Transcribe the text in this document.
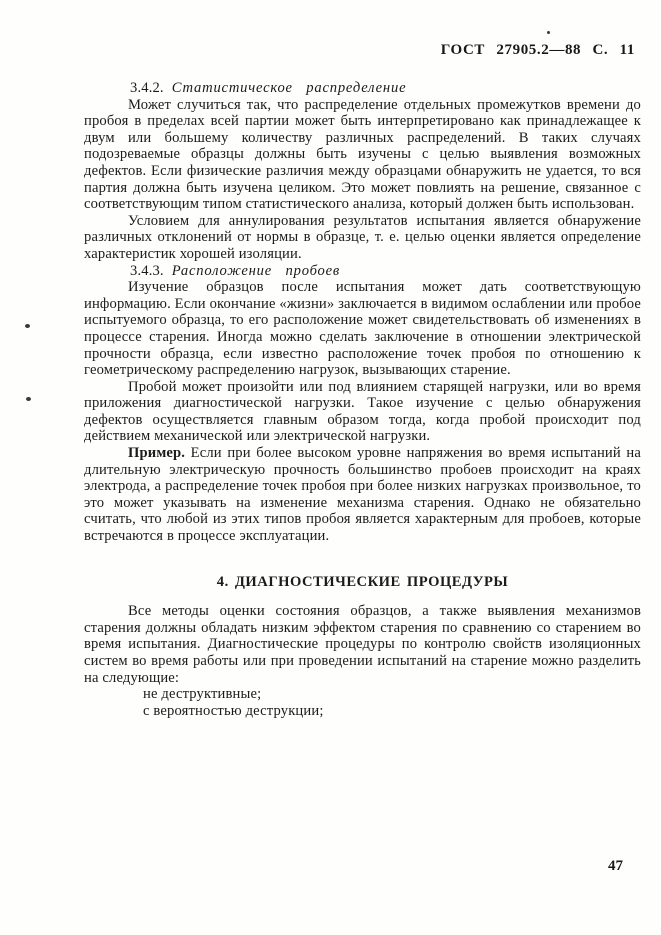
ГОСТ 27905.2—88 С. 11

3.4.2. Статистическое распределение

Может случиться так, что распределение отдельных промежутков времени до пробоя в пределах всей партии может быть интерпретировано как принадлежащее к двум или большему количеству различных распределений. В таких случаях подозреваемые образцы должны быть изучены с целью выявления возможных дефектов. Если физические различия между образцами обнаружить не удается, то вся партия должна быть изучена целиком. Это может повлиять на решение, связанное с соответствующим типом статистического анализа, который должен быть использован.

Условием для аннулирования результатов испытания является обнаружение различных отклонений от нормы в образце, т. е. целью оценки является определение характеристик хорошей изоляции.

3.4.3. Расположение пробоев

Изучение образцов после испытания может дать соответствующую информацию. Если окончание «жизни» заключается в видимом ослаблении или пробое испытуемого образца, то его расположение может свидетельствовать об изменениях в процессе старения. Иногда можно сделать заключение в отношении электрической прочности образца, если известно расположение точек пробоя по отношению к геометрическому распределению нагрузок, вызывающих старение.

Пробой может произойти или под влиянием старящей нагрузки, или во время приложения диагностической нагрузки. Такое изучение с целью обнаружения дефектов осуществляется главным образом тогда, когда пробой происходит под действием механической или электрической нагрузки.

Пример. Если при более высоком уровне напряжения во время испытаний на длительную электрическую прочность большинство пробоев происходит на краях электрода, а распределение точек пробоя при более низких нагрузках произвольное, то это может указывать на изменение механизма старения. Однако не обязательно считать, что любой из этих типов пробоя является характерным для пробоев, которые встречаются в процессе эксплуатации.

4. ДИАГНОСТИЧЕСКИЕ ПРОЦЕДУРЫ

Все методы оценки состояния образцов, а также выявления механизмов старения должны обладать низким эффектом старения по сравнению со старением во время испытания. Диагностические процедуры по контролю свойств изоляционных систем во время работы или при проведении испытаний на старение можно разделить на следующие:

не деструктивные;

с вероятностью деструкции;

47
